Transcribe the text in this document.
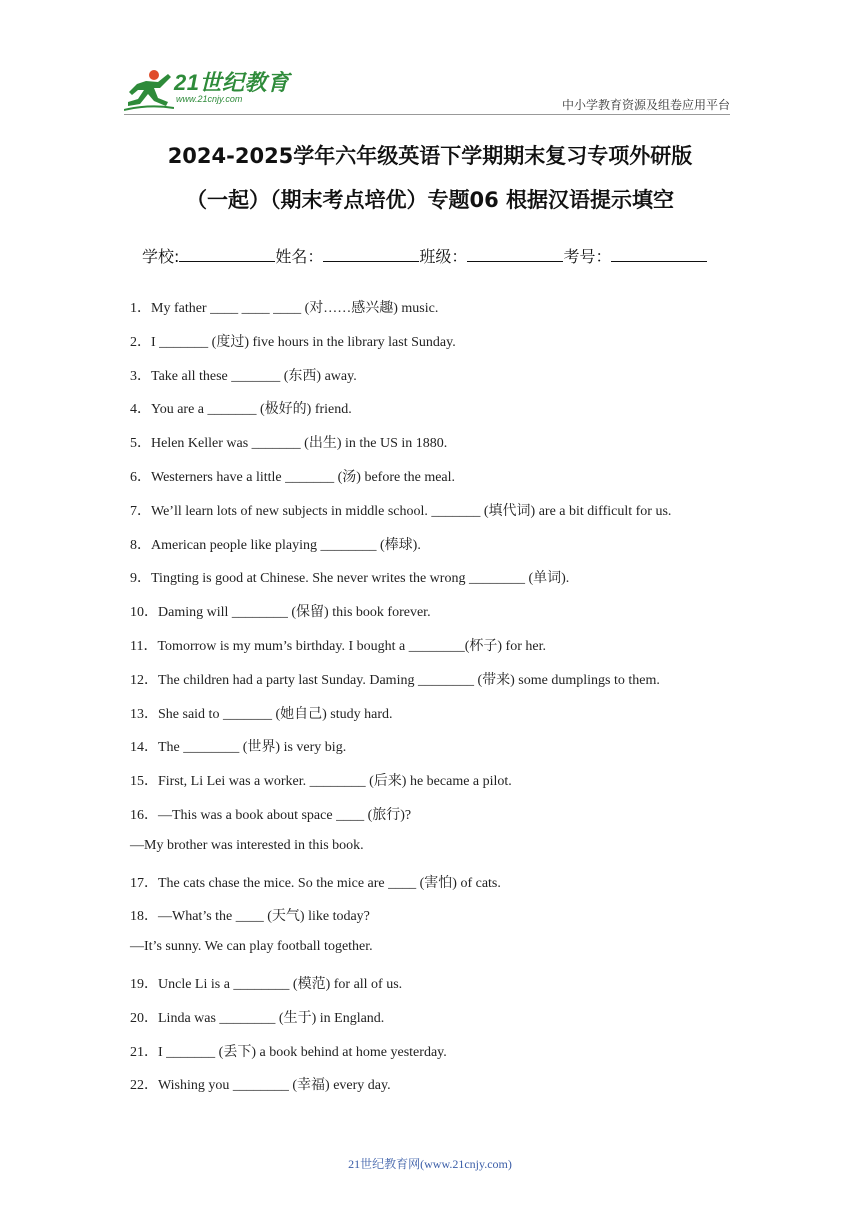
21世纪教育
www.21cnjy.com	中小学教育资源及组卷应用平台
2024-2025学年六年级英语下学期期末复习专项外研版
（一起）（期末考点培优）专题06 根据汉语提示填空
学校:	姓名：	班级：	考号：
1．My father ____ ____ ____ (对……感兴趣) music.
2．I _______ (度过) five hours in the library last Sunday.
3．Take all these _______ (东西) away.
4．You are a _______ (极好的) friend.
5．Helen Keller was _______ (出生) in the US in 1880.
6．Westerners have a little _______ (汤) before the meal.
7．We’ll learn lots of new subjects in middle school. _______ (填代词) are a bit difficult for us.
8．American people like playing ________ (棒球).
9．Tingting is good at Chinese. She never writes the wrong ________ (单词).
10．Daming will ________ (保留) this book forever.
11．Tomorrow is my mum’s birthday. I bought a ________(杯子) for her.
12．The children had a party last Sunday. Daming ________ (带来) some dumplings to them.
13．She said to _______ (她自己) study hard.
14．The ________ (世界) is very big.
15．First, Li Lei was a worker. ________ (后来) he became a pilot.
16．—This was a book about space ____ (旅行)?
—My brother was interested in this book.
17．The cats chase the mice. So the mice are ____ (害怕) of cats.
18．—What’s the ____ (天气) like today?
—It’s sunny. We can play football together.
19．Uncle Li is a ________ (模范) for all of us.
20．Linda was ________ (生于) in England.
21．I _______ (丢下) a book behind at home yesterday.
22．Wishing you ________ (幸福) every day.
21世纪教育网(www.21cnjy.com)
